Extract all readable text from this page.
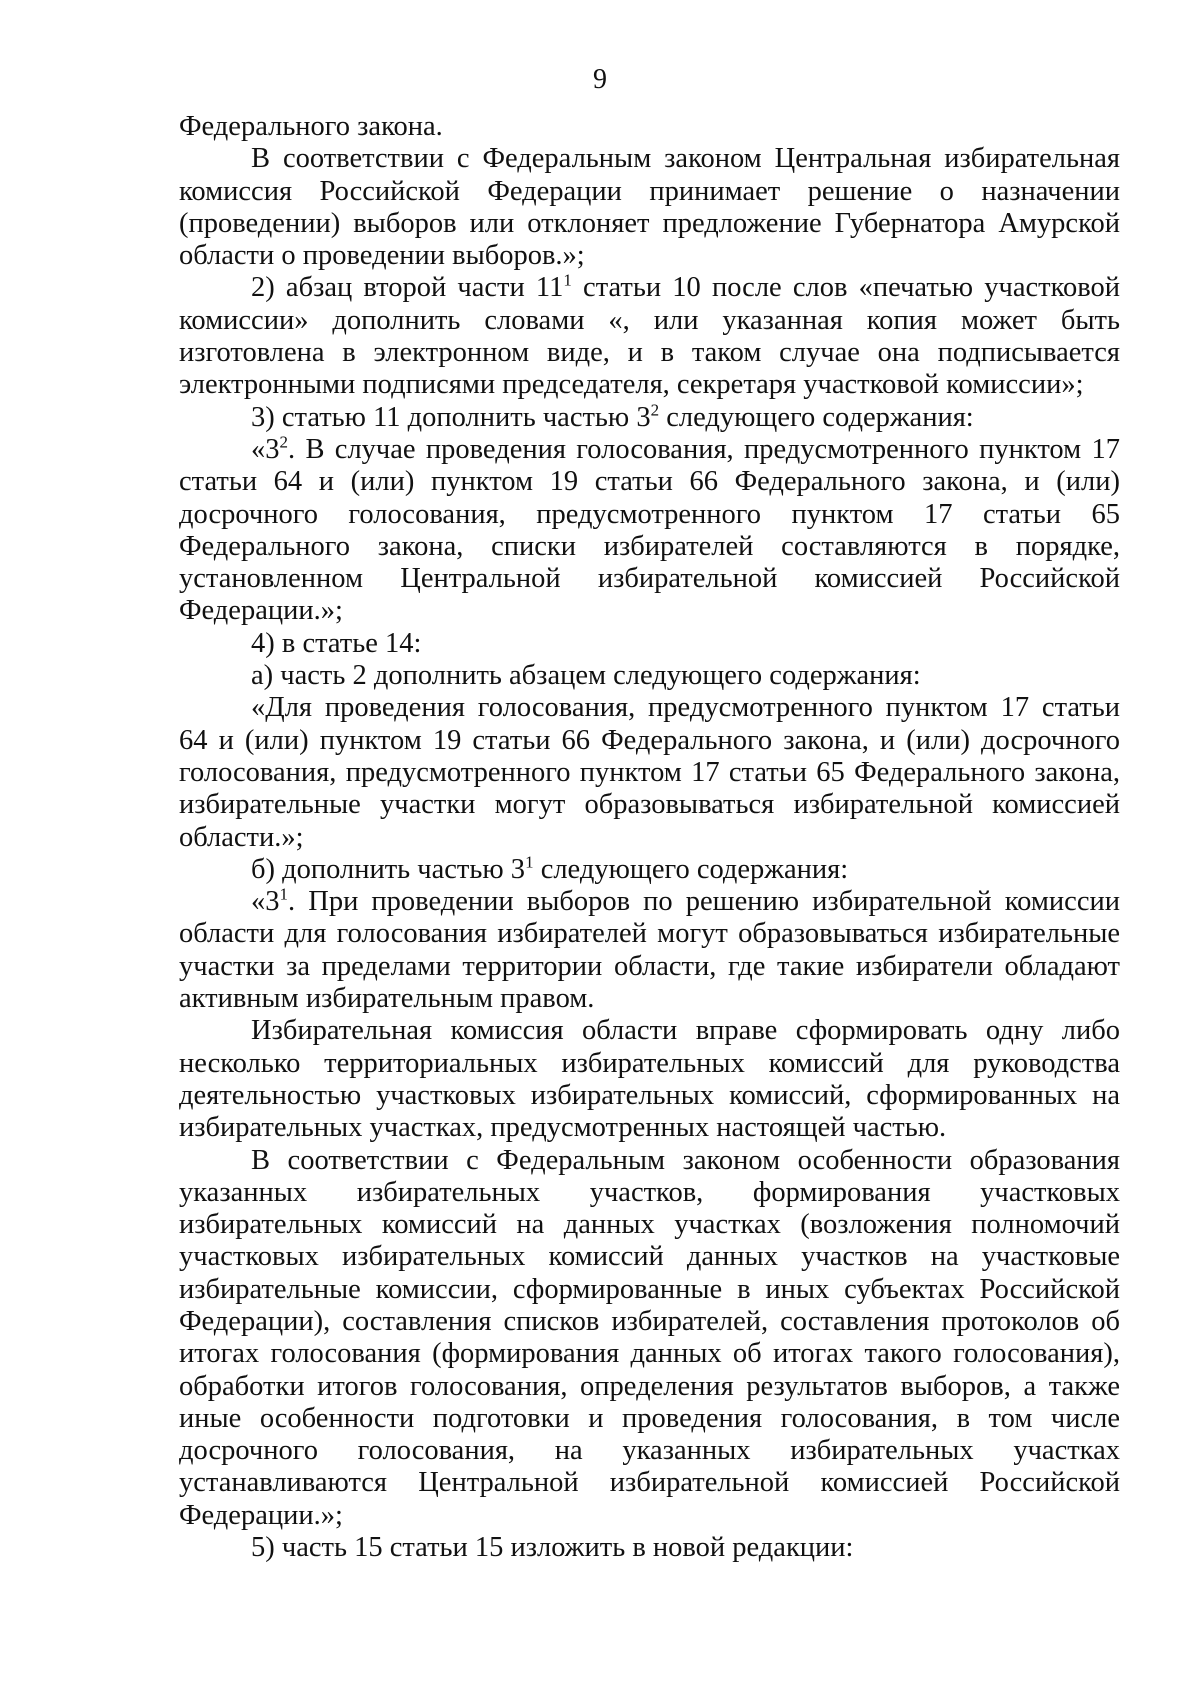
9

Федерального закона.

В соответствии с Федеральным законом Центральная избирательная комиссия Российской Федерации принимает решение о назначении (проведении) выборов или отклоняет предложение Губернатора Амурской области о проведении выборов.»;

2) абзац второй части $11^1$ статьи 10 после слов «печатью участковой комиссии» дополнить словами «, или указанная копия может быть изготовлена в электронном виде, и в таком случае она подписывается электронными подписями председателя, секретаря участковой комиссии»;

3) статью 11 дополнить частью $3^2$ следующего содержания:

«$3^2$. В случае проведения голосования, предусмотренного пунктом 17 статьи 64 и (или) пунктом 19 статьи 66 Федерального закона, и (или) досрочного голосования, предусмотренного пунктом 17 статьи 65 Федерального закона, списки избирателей составляются в порядке, установленном Центральной избирательной комиссией Российской Федерации.»;

4) в статье 14:

а) часть 2 дополнить абзацем следующего содержания:

«Для проведения голосования, предусмотренного пунктом 17 статьи 64 и (или) пунктом 19 статьи 66 Федерального закона, и (или) досрочного голосования, предусмотренного пунктом 17 статьи 65 Федерального закона, избирательные участки могут образовываться избирательной комиссией области.»;

б) дополнить частью $3^1$ следующего содержания:

«$3^1$. При проведении выборов по решению избирательной комиссии области для голосования избирателей могут образовываться избирательные участки за пределами территории области, где такие избиратели обладают активным избирательным правом.

Избирательная комиссия области вправе сформировать одну либо несколько территориальных избирательных комиссий для руководства деятельностью участковых избирательных комиссий, сформированных на избирательных участках, предусмотренных настоящей частью.

В соответствии с Федеральным законом особенности образования указанных избирательных участков, формирования участковых избирательных комиссий на данных участках (возложения полномочий участковых избирательных комиссий данных участков на участковые избирательные комиссии, сформированные в иных субъектах Российской Федерации), составления списков избирателей, составления протоколов об итогах голосования (формирования данных об итогах такого голосования), обработки итогов голосования, определения результатов выборов, а также иные особенности подготовки и проведения голосования, в том числе досрочного голосования, на указанных избирательных участках устанавливаются Центральной избирательной комиссией Российской Федерации.»;

5) часть 15 статьи 15 изложить в новой редакции:
